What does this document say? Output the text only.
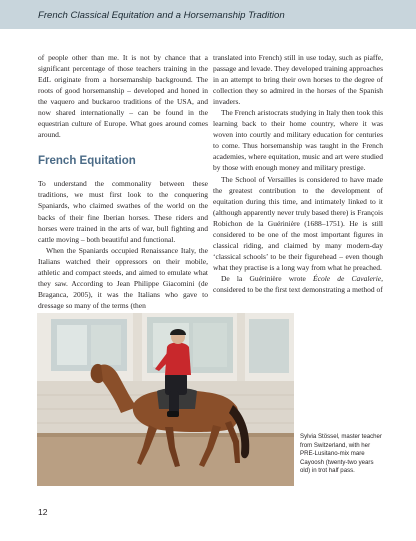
French Classical Equitation and a Horsemanship Tradition

of people other than me. It is not by chance that a significant percentage of those teachers training in the EdL originate from a horsemanship background. The roots of good horsemanship – developed and honed in the vaquero and buckaroo traditions of the USA, and now shared internationally – can be found in the equestrian culture of Europe. What goes around comes around.

French Equitation

To understand the commonality between these traditions, we must first look to the conquering Spaniards, who claimed swathes of the world on the backs of their fine Iberian horses. These riders and horses were trained in the arts of war, bull fighting and cattle moving – both beautiful and functional.

When the Spaniards occupied Renaissance Italy, the Italians watched their oppressors on their mobile, athletic and compact steeds, and aimed to emulate what they saw. According to Jean Philippe Giacomini (de Braganca, 2005), it was the Italians who gave to dressage so many of the terms (then

translated into French) still in use today, such as piaffe, passage and levade. They developed training approaches in an attempt to bring their own horses to the degree of collection they so admired in the horses of the Spanish invaders.

The French aristocrats studying in Italy then took this learning back to their home country, where it was woven into courtly and military education for centuries to come. Thus horsemanship was taught in the French academies, where equitation, music and art were studied by those with enough money and military prestige.

The School of Versailles is considered to have made the greatest contribution to the development of equitation during this time, and intimately linked to it (although apparently never truly based there) is François Robichon de la Guérinière (1688–1751). He is still considered to be one of the most important figures in classical riding, and claimed by many modern-day ‘classical schools’ to be their figurehead – even though what they practise is a long way from what he preached.

De la Guérinière wrote École de Cavalerie, considered to be the first text demonstrating a method of

Sylvia Stössel, master teacher from Switzerland, with her PRE-Lusitano-mix mare Cayoosh (twenty-two years old) in trot half pass.
12
